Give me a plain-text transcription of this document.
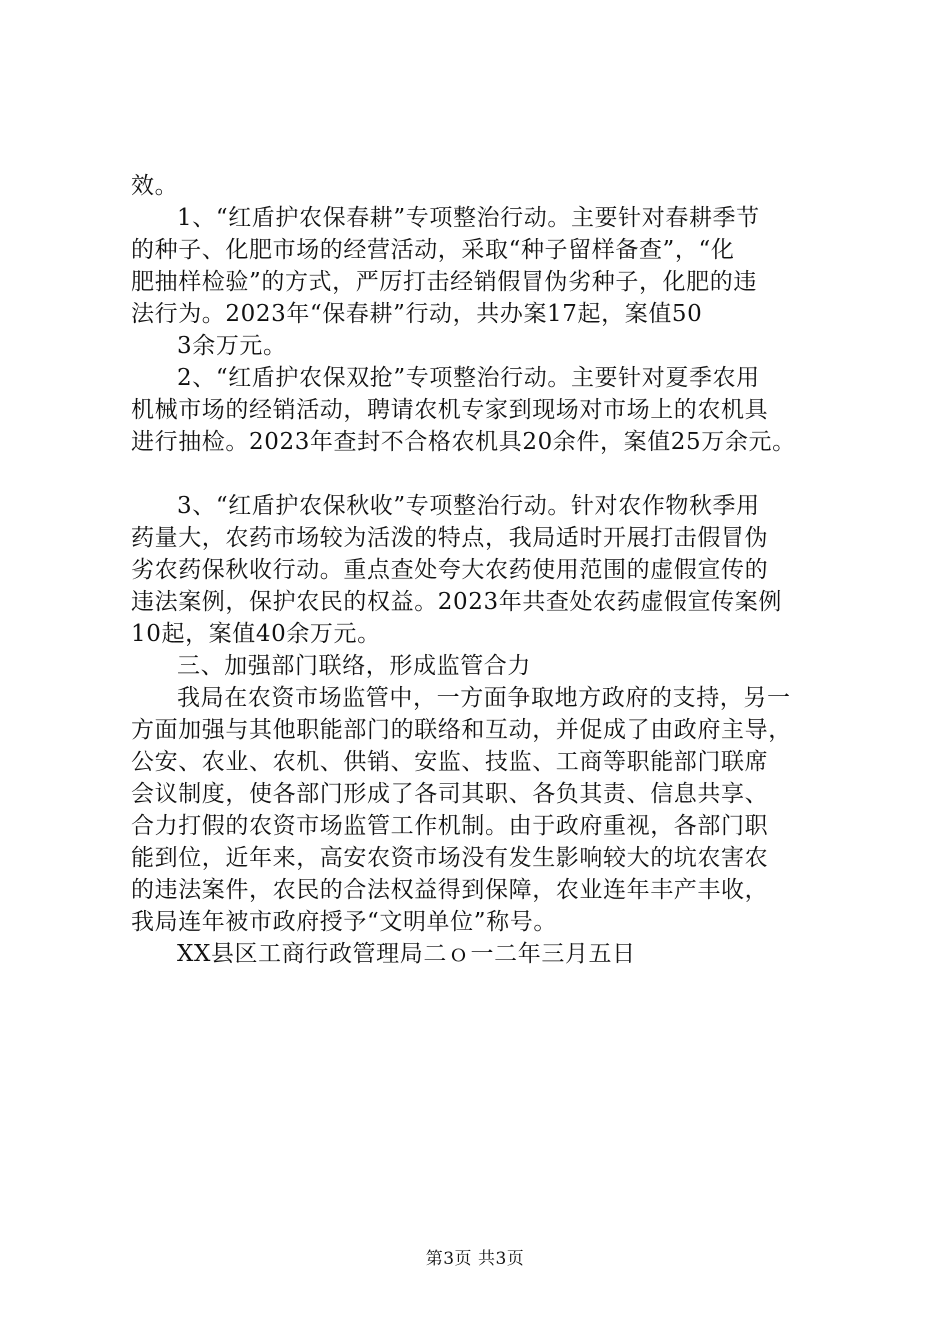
效。

1、“红盾护农保春耕”专项整治行动。主要针对春耕季节

的种子、化肥市场的经营活动，采取“种子留样备查”，“化

肥抽样检验”的方式，严厉打击经销假冒伪劣种子，化肥的违

法行为。2023年“保春耕”行动，共办案17起，案值50

3余万元。

2、“红盾护农保双抢”专项整治行动。主要针对夏季农用

机械市场的经销活动，聘请农机专家到现场对市场上的农机具

进行抽检。2023年查封不合格农机具20余件，案值25万余元。

3、“红盾护农保秋收”专项整治行动。针对农作物秋季用

药量大，农药市场较为活泼的特点，我局适时开展打击假冒伪

劣农药保秋收行动。重点查处夸大农药使用范围的虚假宣传的

违法案例，保护农民的权益。2023年共查处农药虚假宣传案例

10起，案值40余万元。

三、加强部门联络，形成监管合力

我局在农资市场监管中，一方面争取地方政府的支持，另一

方面加强与其他职能部门的联络和互动，并促成了由政府主导，

公安、农业、农机、供销、安监、技监、工商等职能部门联席

会议制度，使各部门形成了各司其职、各负其责、信息共享、

合力打假的农资市场监管工作机制。由于政府重视，各部门职

能到位，近年来，高安农资市场没有发生影响较大的坑农害农

的违法案件，农民的合法权益得到保障，农业连年丰产丰收，

我局连年被市政府授予“文明单位”称号。

XX县区工商行政管理局二ｏ一二年三月五日

第3页 共3页
